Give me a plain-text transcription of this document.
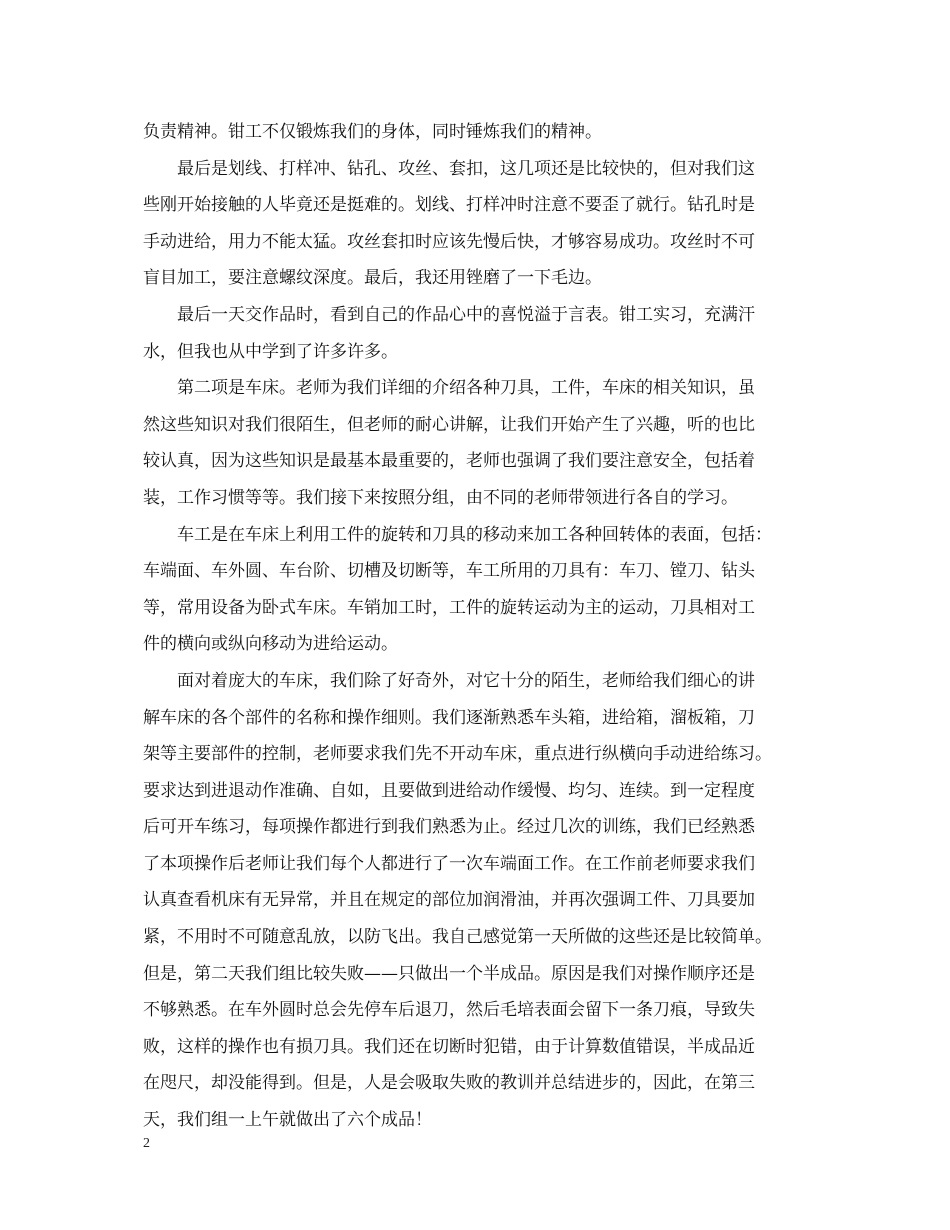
负责精神。钳工不仅锻炼我们的身体，同时锤炼我们的精神。
最后是划线、打样冲、钻孔、攻丝、套扣，这几项还是比较快的，但对我们这
些刚开始接触的人毕竟还是挺难的。划线、打样冲时注意不要歪了就行。钻孔时是
手动进给，用力不能太猛。攻丝套扣时应该先慢后快，才够容易成功。攻丝时不可
盲目加工，要注意螺纹深度。最后，我还用锉磨了一下毛边。
最后一天交作品时，看到自己的作品心中的喜悦溢于言表。钳工实习，充满汗
水，但我也从中学到了许多许多。
第二项是车床。老师为我们详细的介绍各种刀具，工件，车床的相关知识，虽
然这些知识对我们很陌生，但老师的耐心讲解，让我们开始产生了兴趣，听的也比
较认真，因为这些知识是最基本最重要的，老师也强调了我们要注意安全，包括着
装，工作习惯等等。我们接下来按照分组，由不同的老师带领进行各自的学习。
车工是在车床上利用工件的旋转和刀具的移动来加工各种回转体的表面，包括：
车端面、车外圆、车台阶、切槽及切断等，车工所用的刀具有：车刀、镗刀、钻头
等，常用设备为卧式车床。车销加工时，工件的旋转运动为主的运动，刀具相对工
件的横向或纵向移动为进给运动。
面对着庞大的车床，我们除了好奇外，对它十分的陌生，老师给我们细心的讲
解车床的各个部件的名称和操作细则。我们逐渐熟悉车头箱，进给箱，溜板箱，刀
架等主要部件的控制，老师要求我们先不开动车床，重点进行纵横向手动进给练习。
要求达到进退动作准确、自如，且要做到进给动作缓慢、均匀、连续。到一定程度
后可开车练习，每项操作都进行到我们熟悉为止。经过几次的训练，我们已经熟悉
了本项操作后老师让我们每个人都进行了一次车端面工作。在工作前老师要求我们
认真查看机床有无异常，并且在规定的部位加润滑油，并再次强调工件、刀具要加
紧，不用时不可随意乱放，以防飞出。我自己感觉第一天所做的这些还是比较简单。
但是，第二天我们组比较失败——只做出一个半成品。原因是我们对操作顺序还是
不够熟悉。在车外圆时总会先停车后退刀，然后毛培表面会留下一条刀痕，导致失
败，这样的操作也有损刀具。我们还在切断时犯错，由于计算数值错误，半成品近
在咫尺，却没能得到。但是，人是会吸取失败的教训并总结进步的，因此，在第三
天，我们组一上午就做出了六个成品！
2
